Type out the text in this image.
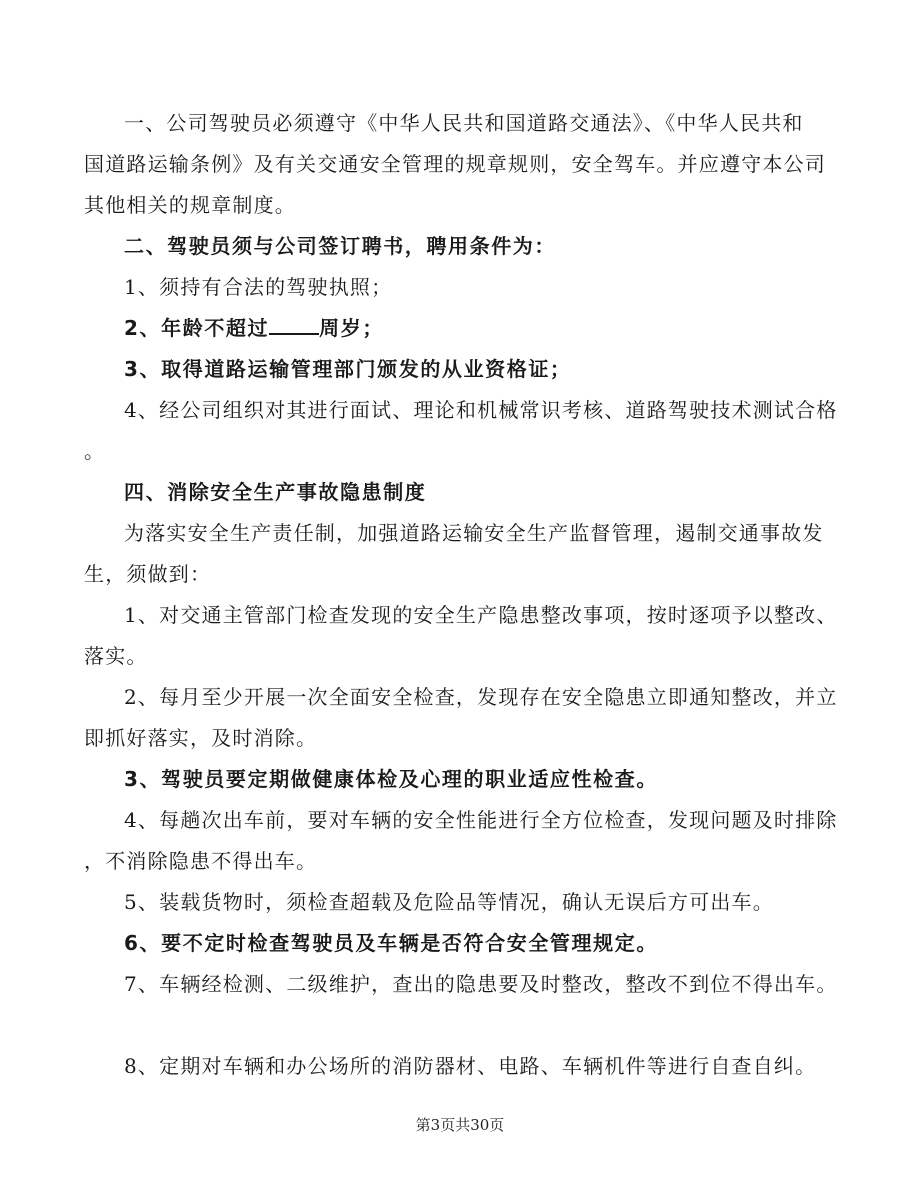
一、公司驾驶员必须遵守《中华人民共和国道路交通法》、《中华人民共和
国道路运输条例》及有关交通安全管理的规章规则，安全驾车。并应遵守本公司
其他相关的规章制度。
二、驾驶员须与公司签订聘书，聘用条件为：
1、须持有合法的驾驶执照；
2、年龄不超过	周岁；
3、取得道路运输管理部门颁发的从业资格证；
4、经公司组织对其进行面试、理论和机械常识考核、道路驾驶技术测试合格
。
四、消除安全生产事故隐患制度
为落实安全生产责任制，加强道路运输安全生产监督管理，遏制交通事故发
生，须做到：
1、对交通主管部门检查发现的安全生产隐患整改事项，按时逐项予以整改、
落实。
2、每月至少开展一次全面安全检查，发现存在安全隐患立即通知整改，并立
即抓好落实，及时消除。
3、驾驶员要定期做健康体检及心理的职业适应性检查。
4、每趟次出车前，要对车辆的安全性能进行全方位检查，发现问题及时排除
，不消除隐患不得出车。
5、装载货物时，须检查超载及危险品等情况，确认无误后方可出车。
6、要不定时检查驾驶员及车辆是否符合安全管理规定。
7、车辆经检测、二级维护，查出的隐患要及时整改，整改不到位不得出车。
8、定期对车辆和办公场所的消防器材、电路、车辆机件等进行自查自纠。
第3页共30页
